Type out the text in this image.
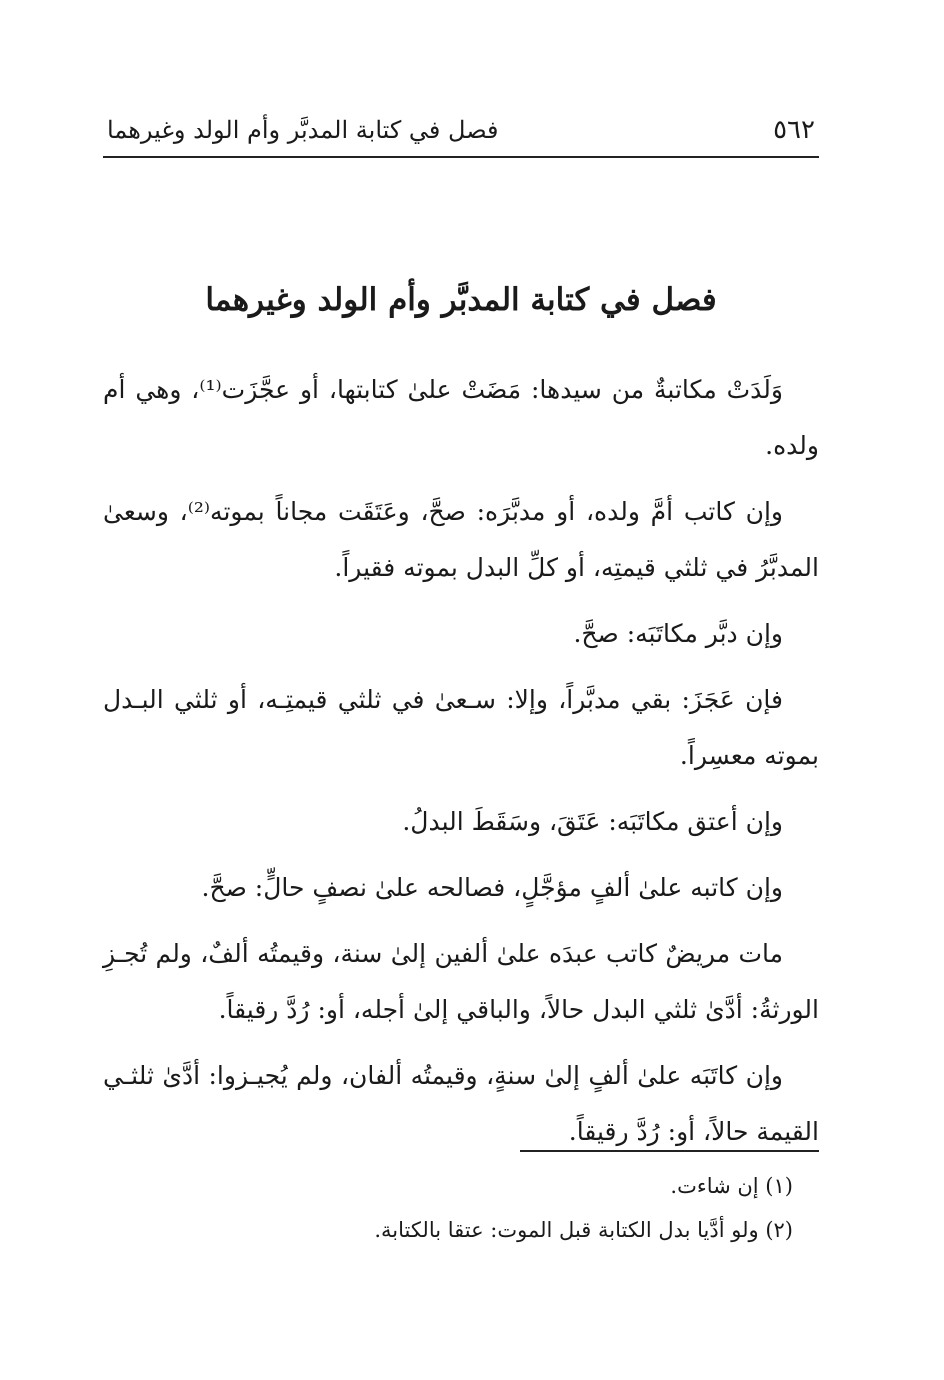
٥٦٢
فصل في كتابة المدبَّر وأم الولد وغيرهما
فصل في كتابة المدبَّر وأم الولد وغيرهما

وَلَدَتْ مكاتبةٌ من سيدها: مَضَتْ علىٰ كتابتها، أو عجَّزَت⁽¹⁾، وهي أم ولده.

وإن كاتب أمَّ ولده، أو مدبَّرَه: صحَّ، وعَتَقَت مجاناً بموته⁽²⁾، وسعىٰ المدبَّرُ في ثلثي قيمتِه، أو كلِّ البدل بموته فقيراً.

وإن دبَّر مكاتَبَه: صحَّ.

فإن عَجَزَ: بقي مدبَّراً، وإلا: سـعىٰ في ثلثي قيمتِـه، أو ثلثي البـدل بموته معسِراً.

وإن أعتق مكاتَبَه: عَتَقَ، وسَقَطَ البدلُ.

وإن كاتبه علىٰ ألفٍ مؤجَّلٍ، فصالحه علىٰ نصفٍ حالٍّ: صحَّ.

مات مريضٌ كاتب عبدَه علىٰ ألفين إلىٰ سنة، وقيمتُه ألفٌ، ولم تُجـزِ الورثةُ: أدَّىٰ ثلثي البدل حالاً، والباقي إلىٰ أجله، أو: رُدَّ رقيقاً.

وإن كاتَبَه علىٰ ألفٍ إلىٰ سنةٍ، وقيمتُه ألفان، ولم يُجيـزوا: أدَّىٰ ثلثـي القيمة حالاً، أو: رُدَّ رقيقاً.

(١) إن شاءت.

(٢) ولو أدَّيا بدل الكتابة قبل الموت: عتقا بالكتابة.
